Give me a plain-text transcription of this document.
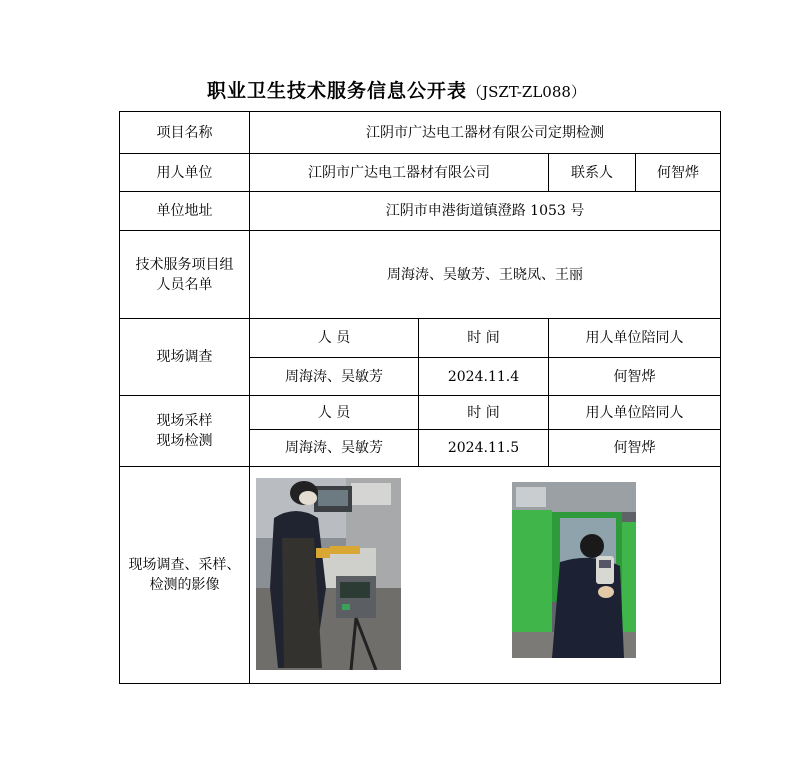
职业卫生技术服务信息公开表（JSZT-ZL088）
项目名称	江阴市广达电工器材有限公司定期检测			
用人单位	江阴市广达电工器材有限公司		联系人	何智烨
单位地址	江阴市申港街道镇澄路 1053 号			

技术服务项目组
人员名单	周海涛、吴敏芳、王晓凤、王丽			
现场调查	人 员	时 间	用人单位陪同人	
	周海涛、吴敏芳	2024.11.4	何智烨	

现场采样
现场检测	人 员	时 间	用人单位陪同人	
	周海涛、吴敏芳	2024.11.5	何智烨	

现场调查、采样、
检测的影像				
